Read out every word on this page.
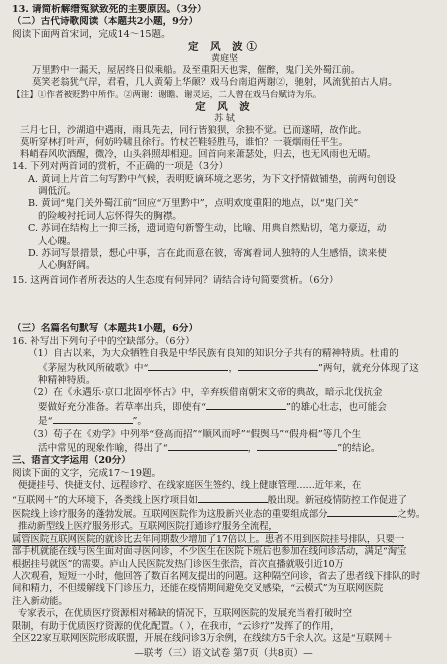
13. 请简析解缙冤狱致死的主要原因。（3分）
（二）古代诗歌阅读（本题共2小题，9分）
阅读下面两首宋词，完成14～15题。
定 风 波①
黄庭坚
万里黔中一漏天，屋居终日似乘船。及至重阳天也霁，催醉，鬼门关外蜀江前。
莫笑老翁犹气岸，君看，几人黄菊上华颠？戏马台南追两谢②，驰射，风流犹拍古人肩。
【注】①作者被贬黔中所作。②两谢：谢瞻、谢灵运，二人曾在戏马台赋诗为乐。
定 风 波
苏 轼
三月七日，沙湖道中遇雨，雨具先去，同行皆狼狈，余独不觉。已而遂晴，故作此。
莫听穿林打叶声，何妨吟啸且徐行。竹杖芒鞋轻胜马，谁怕？一蓑烟雨任平生。
料峭春风吹酒醒，微冷，山头斜照却相迎。回首向来萧瑟处，归去，也无风雨也无晴。
14. 下列对两首词的赏析，不正确的一项是（3分）
A. 黄词上片首二句写黔中气候，表明贬谪环境之恶劣，为下文抒情做铺垫，前两句创设
调低沉。
B. 黄词“鬼门关外蜀江前”回应“万里黔中”，点明欢度重阳的地点，以“鬼门关”
的险峻衬托词人忘怀得失的胸襟。
C. 苏词在结构上一抑三扬，遗词造句新警生动，比喻、用典自然贴切，笔力豪迈，动
人心魄。
D. 苏词写景措景，想心中事，言在此而意在彼，寄寓着词人独特的人生感悟，读来使
人心胸舒阔。
15. 这两首词作者所表达的人生态度有何异同？请结合诗句简要赏析。（6分）
（三）名篇名句默写（本题共1小题，6分）
16. 补写出下列句子中的空缺部分。（6分）
（1）自古以来，为大众牺牲自我是中华民族有良知的知识分子共有的精神特质。杜甫的
《茅屋为秋风所破歌》中“	，	”两句，就充分体现了这
种精神特质。
（2）在《永遇乐·京口北固亭怀古》中，辛弃疾借南朝宋文帝的典故，暗示北伐抗金
要做好充分准备。若草率出兵，即使有“	”的雄心壮志，也可能会
是“	”。
（3）荀子在《劝学》中列举“登高而招”“顺风而呼”“假舆马”“假舟楫”等几个生
活中常见的现象作喻，得出了“	，	”的结论。
三、语言文字运用（20分）
阅读下面的文字，完成17～19题。
便捷挂号、快捷支付、远程诊疗、在线家庭医生签约、线上健康管理……近年来，在
“互联网＋”的大环境下，各类线上医疗项目如	般出现。新冠疫情防控工作促进了
医院线上诊疗服务的蓬勃发展。互联网医院作为这股新兴业态的重要组成部分	之势。
推动新型线上医疗服务形式。互联网医院打通诊疗服务全流程，
属管医院互联网医院的就诊比去年同期数少增加了17倍以上。患者不用到医院挂号排队，只要一
部手机就能在线与医生面对面寻医问诊，不少医生在医院下班后也参加在线问诊活动，满足“淘宝
根据挂号就医”的需要。庐山人民医院发热门诊医生张浩，首次直播就吸引近10万
人次观看，短短一小时，他回答了数百名网友提出的问题。这种隔空问诊，省去了患者线下排队的时
间和精力，不但缓解线下门诊压力，还能在疫情期间避免交叉感染，“云模式”为互联网医院
注入新动能。
专家表示，在优质医疗资源相对稀缺的情况下，互联网医院的发展充当着打破时空
限制，有助于优质医疗资源的优化配置。（ ），在我市，“云诊疗”发挥了的作用，
全区22家互联网医院形成联盟，开展在线问诊3万余例，在线续方5千余人次。这是“互联网＋
—联考（三）语文试卷 第7页（共8页）—
